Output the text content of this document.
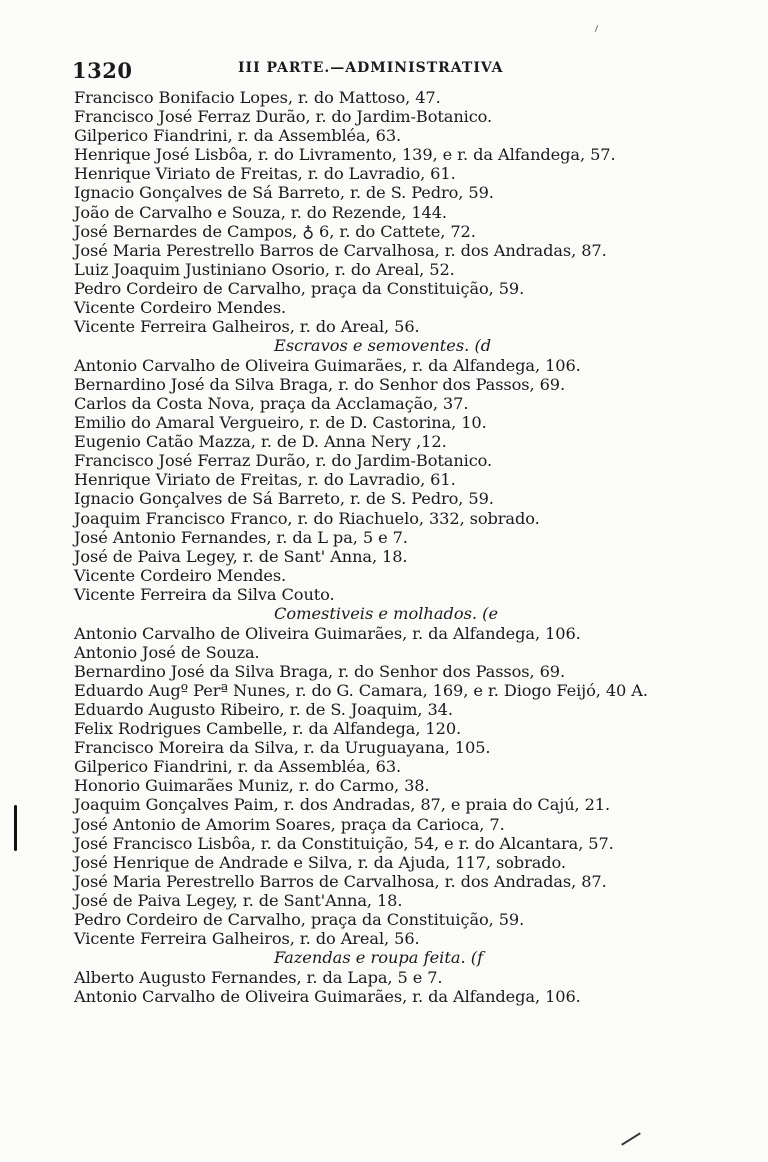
1320	III PARTE.—ADMINISTRATIVA
Francisco Bonifacio Lopes, r. do Mattoso, 47.
Francisco José Ferraz Durão, r. do Jardim-Botanico.
Gilperico Fiandrini, r. da Assembléa, 63.
Henrique José Lisbôa, r. do Livramento, 139, e r. da Alfandega, 57.
Henrique Viriato de Freitas, r. do Lavradio, 61.
Ignacio Gonçalves de Sá Barreto, r. de S. Pedro, 59.
João de Carvalho e Souza, r. do Rezende, 144.
José Bernardes de Campos, ♁ 6, r. do Cattete, 72.
José Maria Perestrello Barros de Carvalhosa, r. dos Andradas, 87.
Luiz Joaquim Justiniano Osorio, r. do Areal, 52.
Pedro Cordeiro de Carvalho, praça da Constituição, 59.
Vicente Cordeiro Mendes.
Vicente Ferreira Galheiros, r. do Areal, 56.
Escravos e semoventes. (d
Antonio Carvalho de Oliveira Guimarães, r. da Alfandega, 106.
Bernardino José da Silva Braga, r. do Senhor dos Passos, 69.
Carlos da Costa Nova, praça da Acclamação, 37.
Emilio do Amaral Vergueiro, r. de D. Castorina, 10.
Eugenio Catão Mazza, r. de D. Anna Nery ,12.
Francisco José Ferraz Durão, r. do Jardim-Botanico.
Henrique Viriato de Freitas, r. do Lavradio, 61.
Ignacio Gonçalves de Sá Barreto, r. de S. Pedro, 59.
Joaquim Francisco Franco, r. do Riachuelo, 332, sobrado.
José Antonio Fernandes, r. da L pa, 5 e 7.
José de Paiva Legey, r. de Sant' Anna, 18.
Vicente Cordeiro Mendes.
Vicente Ferreira da Silva Couto.
Comestiveis e molhados. (e
Antonio Carvalho de Oliveira Guimarães, r. da Alfandega, 106.
Antonio José de Souza.
Bernardino José da Silva Braga, r. do Senhor dos Passos, 69.
Eduardo Augº Perª Nunes, r. do G. Camara, 169, e r. Diogo Feijó, 40 A.
Eduardo Augusto Ribeiro, r. de S. Joaquim, 34.
Felix Rodrigues Cambelle, r. da Alfandega, 120.
Francisco Moreira da Silva, r. da Uruguayana, 105.
Gilperico Fiandrini, r. da Assembléa, 63.
Honorio Guimarães Muniz, r. do Carmo, 38.
Joaquim Gonçalves Paim, r. dos Andradas, 87, e praia do Cajú, 21.
José Antonio de Amorim Soares, praça da Carioca, 7.
José Francisco Lisbôa, r. da Constituição, 54, e r. do Alcantara, 57.
José Henrique de Andrade e Silva, r. da Ajuda, 117, sobrado.
José Maria Perestrello Barros de Carvalhosa, r. dos Andradas, 87.
José de Paiva Legey, r. de Sant'Anna, 18.
Pedro Cordeiro de Carvalho, praça da Constituição, 59.
Vicente Ferreira Galheiros, r. do Areal, 56.
Fazendas e roupa feita. (f
Alberto Augusto Fernandes, r. da Lapa, 5 e 7.
Antonio Carvalho de Oliveira Guimarães, r. da Alfandega, 106.
